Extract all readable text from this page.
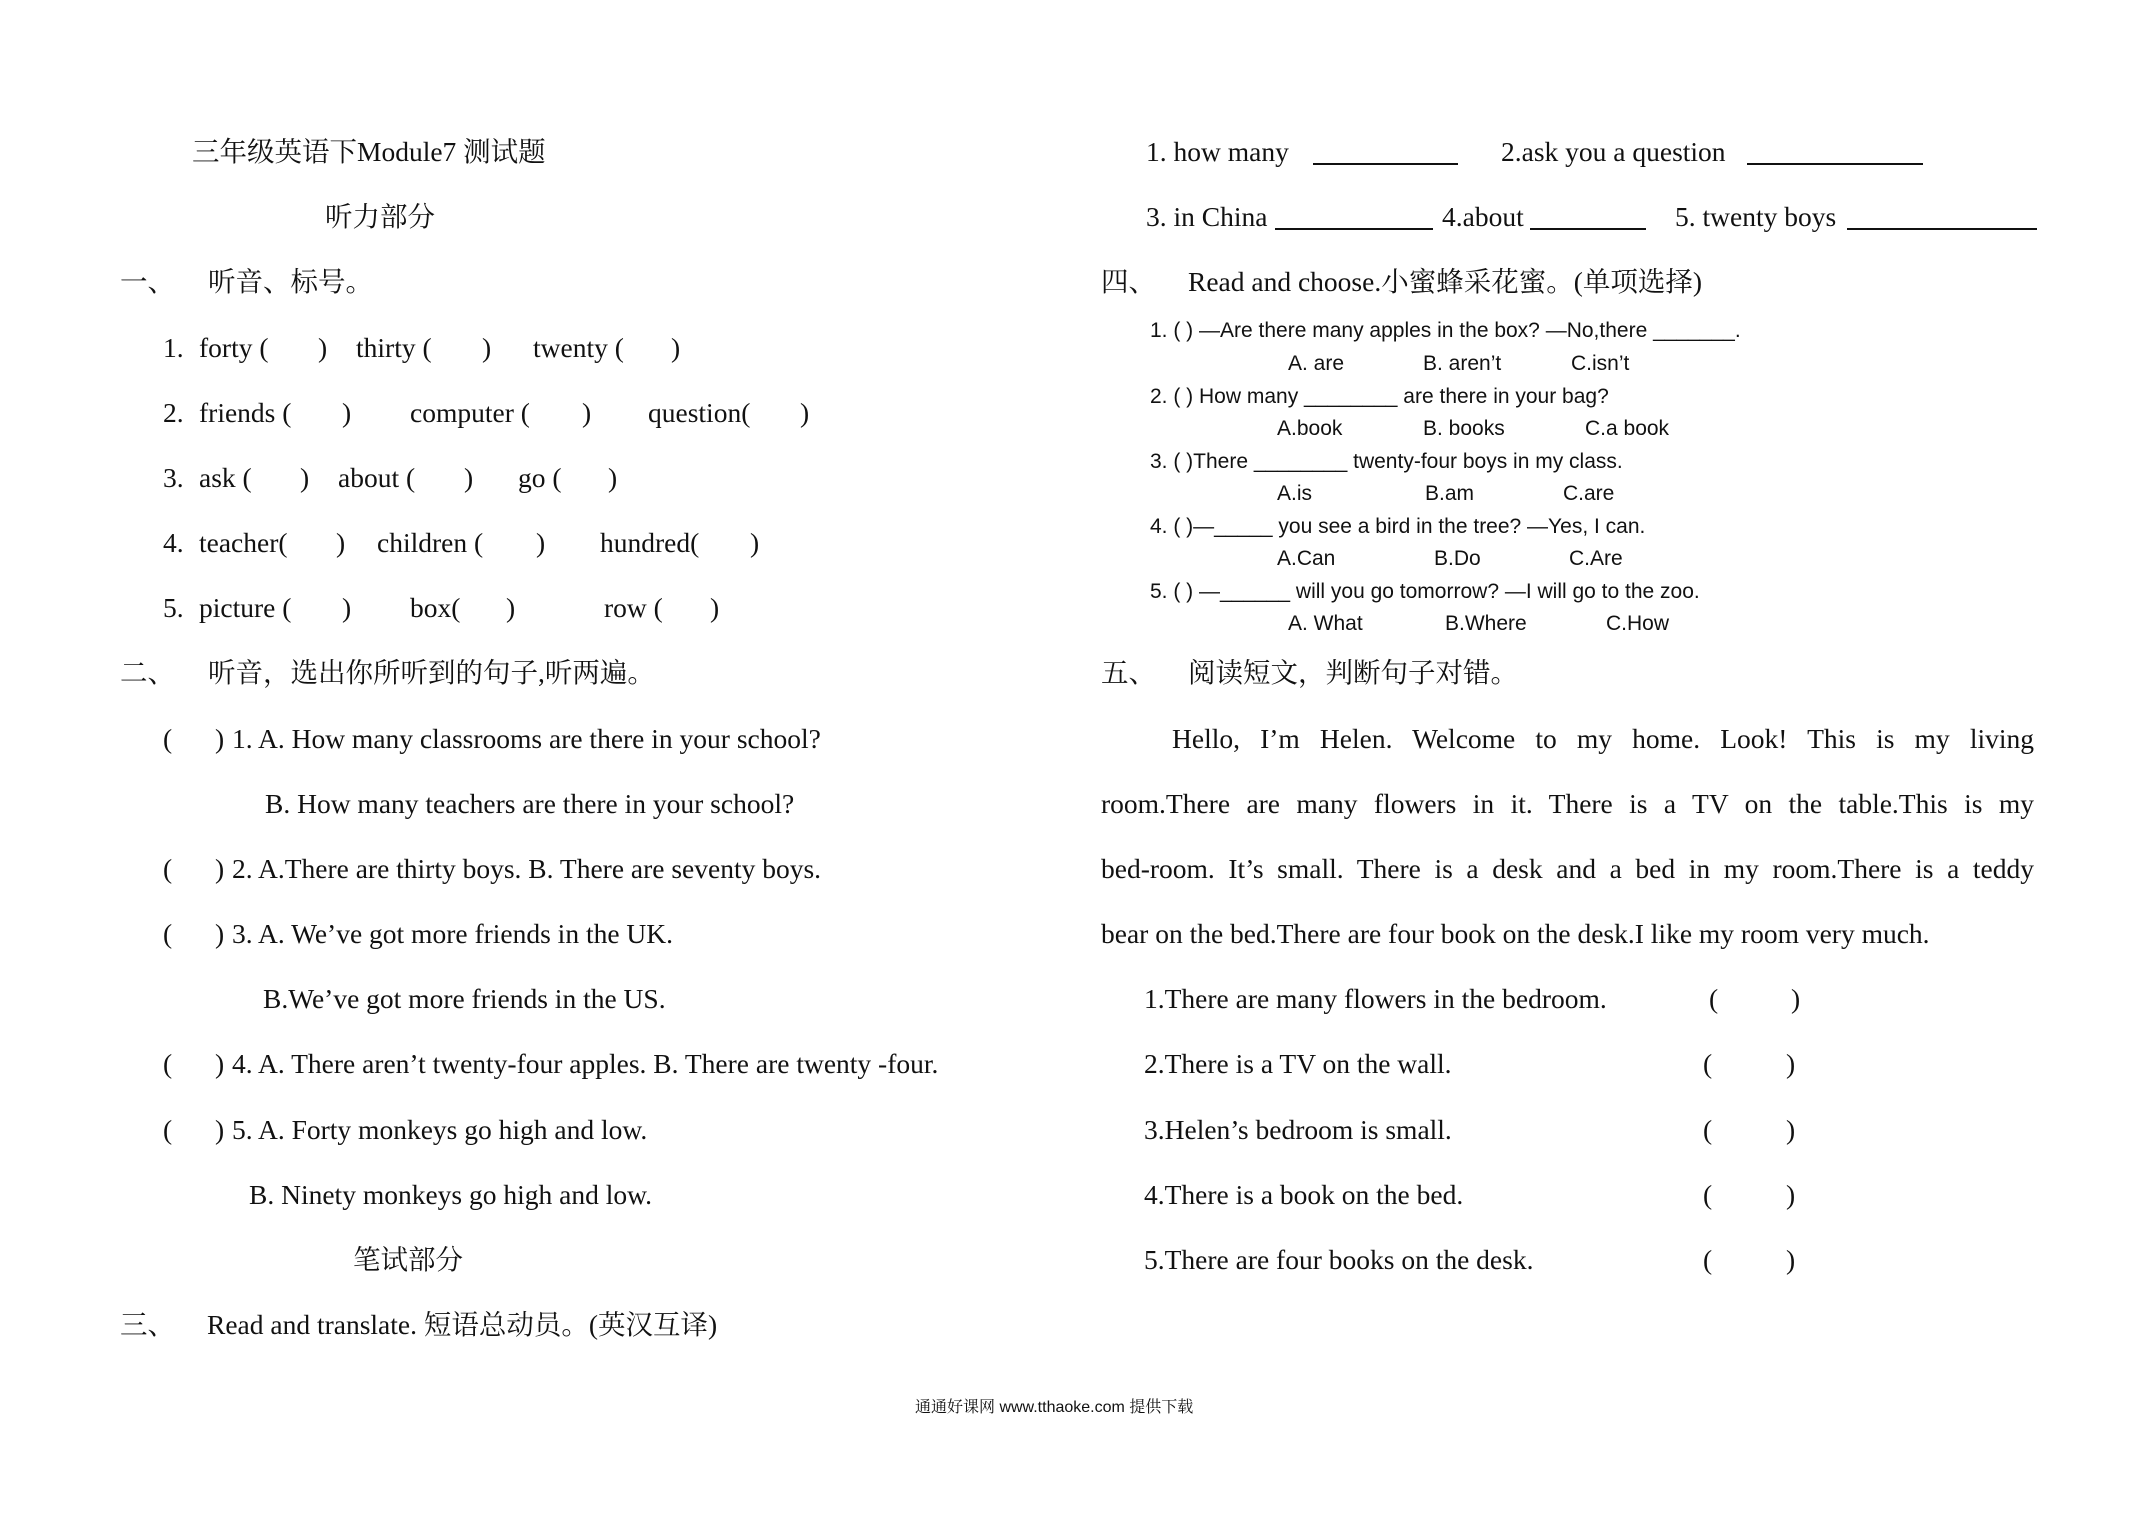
三年级英语下Module7 测试题
听力部分
一、 听音、标号。
1. forty ( ) thirty ( ) twenty ( )
2. friends ( ) computer ( ) question( )
3. ask ( ) about ( ) go ( )
4. teacher( ) children ( ) hundred( )
5. picture ( ) box( )	row ( )
二、 听音，选出你所听到的句子,听两遍。
( ) 1. A. How many classrooms are there in your school?
B. How many teachers are there in your school?
( ) 2. A.There are thirty boys. B. There are seventy boys.
( ) 3. A. We’ve got more friends in the UK.
B.We’ve got more friends in the US.
( ) 4. A. There aren’t twenty-four apples. B. There are twenty -four.
( ) 5. A. Forty monkeys go high and low.
B. Ninety monkeys go high and low.
笔试部分
三、 Read and translate. 短语总动员。(英汉互译)
1. how many	2.ask you a question
3. in China	4.about	5. twenty boys
四、 Read and choose.小蜜蜂采花蜜。(单项选择)
1. ( ) —Are there many apples in the box? —No,there _______.
A. are	B. aren’t	C.isn’t
2. ( ) How many ________ are there in your bag?
A.book	B. books	C.a book
3. ( )There ________ twenty-four boys in my class.
A.is	B.am	C.are
4. ( )—_____ you see a bird in the tree? —Yes, I can.
A.Can	B.Do	C.Are
5. ( ) —______ will you go tomorrow? —I will go to the zoo.
A. What	B.Where	C.How
五、 阅读短文，判断句子对错。
Hello, I’m Helen. Welcome to my home. Look! This is my living
room.There are many flowers in it. There is a TV on the table.This is my
bed-room. It’s small. There is a desk and a bed in my room.There is a teddy
bear on the bed.There are four book on the desk.I like my room very much.
1.There are many flowers in the bedroom.	(	)
2.There is a TV on the wall.	(	)
3.Helen’s bedroom is small.	(	)
4.There is a book on the bed.	(	)
5.There are four books on the desk.	(	)
通通好课网 www.tthaoke.com 提供下载
